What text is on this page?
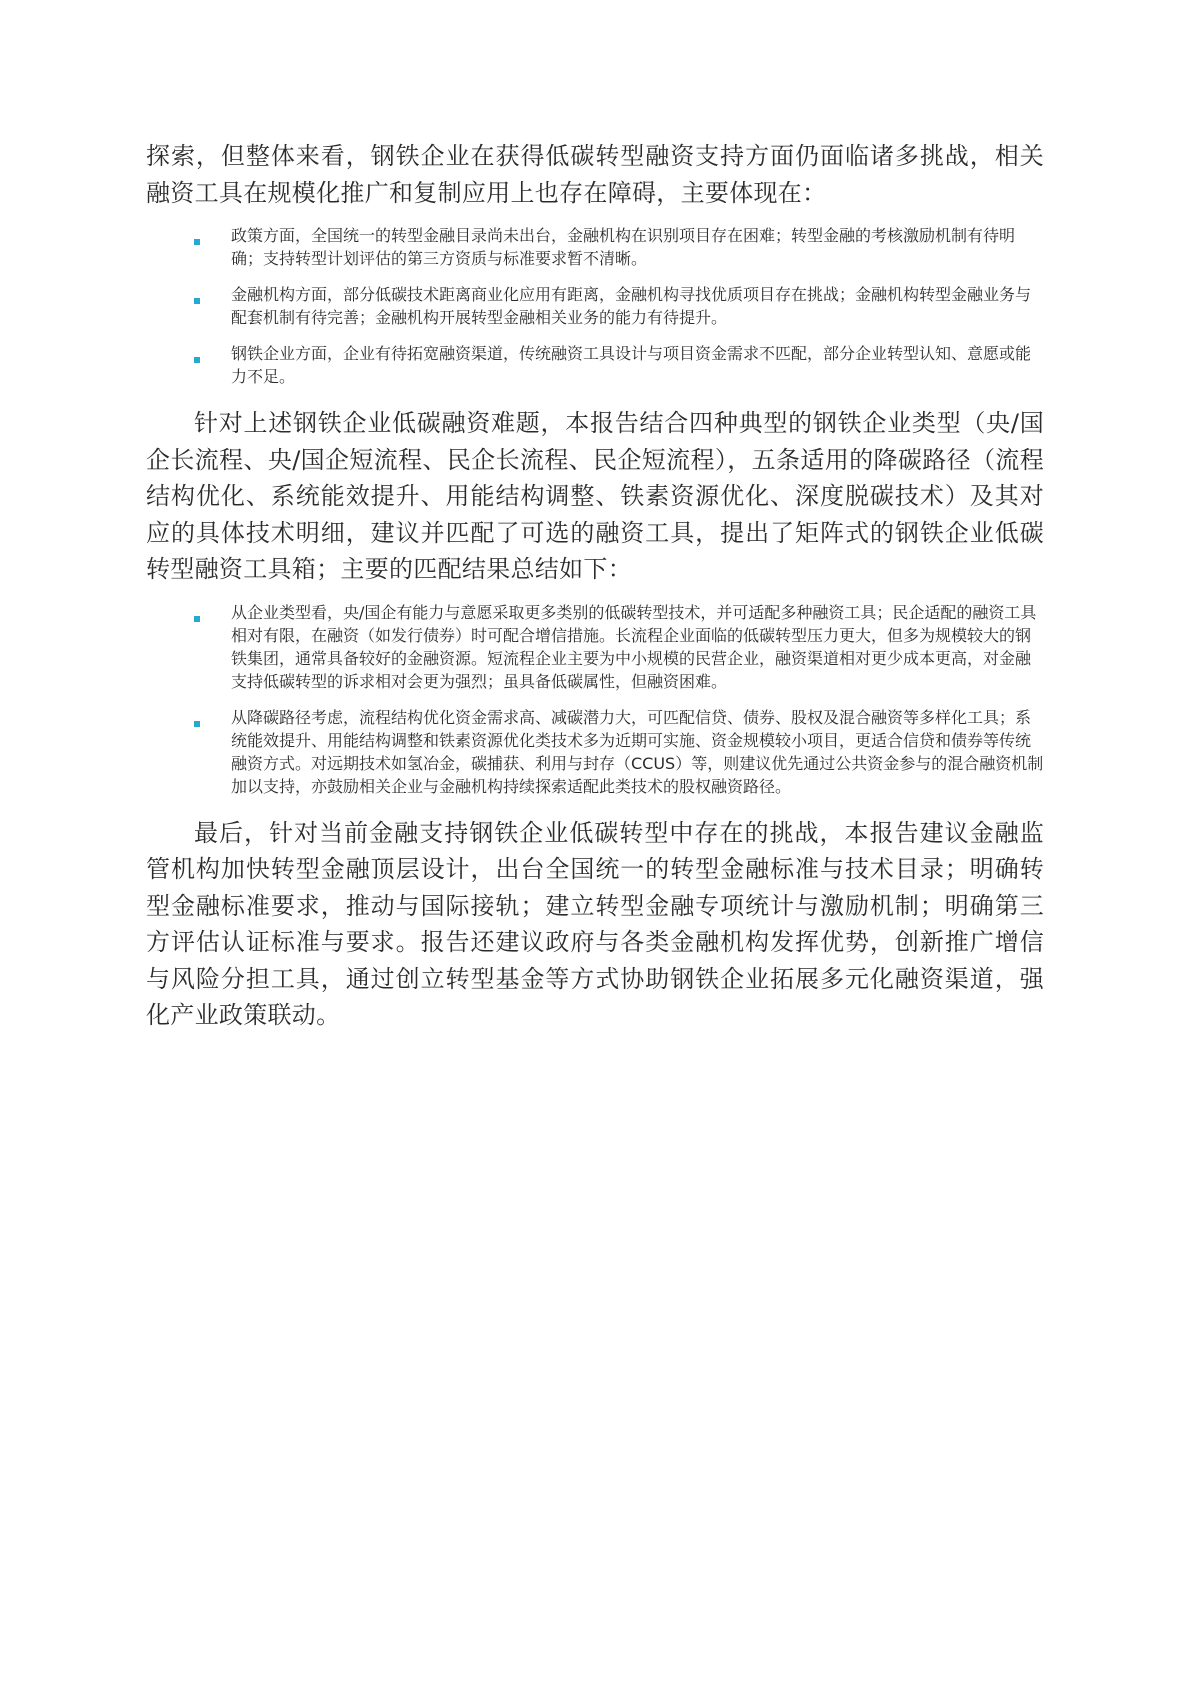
探索，但整体来看，钢铁企业在获得低碳转型融资支持方面仍面临诸多挑战，相关融资工具在规模化推广和复制应用上也存在障碍，主要体现在：

政策方面，全国统一的转型金融目录尚未出台，金融机构在识别项目存在困难；转型金融的考核激励机制有待明确；支持转型计划评估的第三方资质与标准要求暂不清晰。
金融机构方面，部分低碳技术距离商业化应用有距离，金融机构寻找优质项目存在挑战；金融机构转型金融业务与配套机制有待完善；金融机构开展转型金融相关业务的能力有待提升。
钢铁企业方面，企业有待拓宽融资渠道，传统融资工具设计与项目资金需求不匹配，部分企业转型认知、意愿或能力不足。

针对上述钢铁企业低碳融资难题，本报告结合四种典型的钢铁企业类型（央/国企长流程、央/国企短流程、民企长流程、民企短流程），五条适用的降碳路径（流程结构优化、系统能效提升、用能结构调整、铁素资源优化、深度脱碳技术）及其对应的具体技术明细，建议并匹配了可选的融资工具，提出了矩阵式的钢铁企业低碳转型融资工具箱；主要的匹配结果总结如下：

从企业类型看，央/国企有能力与意愿采取更多类别的低碳转型技术，并可适配多种融资工具；民企适配的融资工具相对有限，在融资（如发行债券）时可配合增信措施。长流程企业面临的低碳转型压力更大，但多为规模较大的钢铁集团，通常具备较好的金融资源。短流程企业主要为中小规模的民营企业，融资渠道相对更少成本更高，对金融支持低碳转型的诉求相对会更为强烈；虽具备低碳属性，但融资困难。
从降碳路径考虑，流程结构优化资金需求高、减碳潜力大，可匹配信贷、债券、股权及混合融资等多样化工具；系统能效提升、用能结构调整和铁素资源优化类技术多为近期可实施、资金规模较小项目，更适合信贷和债券等传统融资方式。对远期技术如氢冶金，碳捕获、利用与封存（CCUS）等，则建议优先通过公共资金参与的混合融资机制加以支持，亦鼓励相关企业与金融机构持续探索适配此类技术的股权融资路径。

最后，针对当前金融支持钢铁企业低碳转型中存在的挑战，本报告建议金融监管机构加快转型金融顶层设计，出台全国统一的转型金融标准与技术目录；明确转型金融标准要求，推动与国际接轨；建立转型金融专项统计与激励机制；明确第三方评估认证标准与要求。报告还建议政府与各类金融机构发挥优势，创新推广增信与风险分担工具，通过创立转型基金等方式协助钢铁企业拓展多元化融资渠道，强化产业政策联动。
